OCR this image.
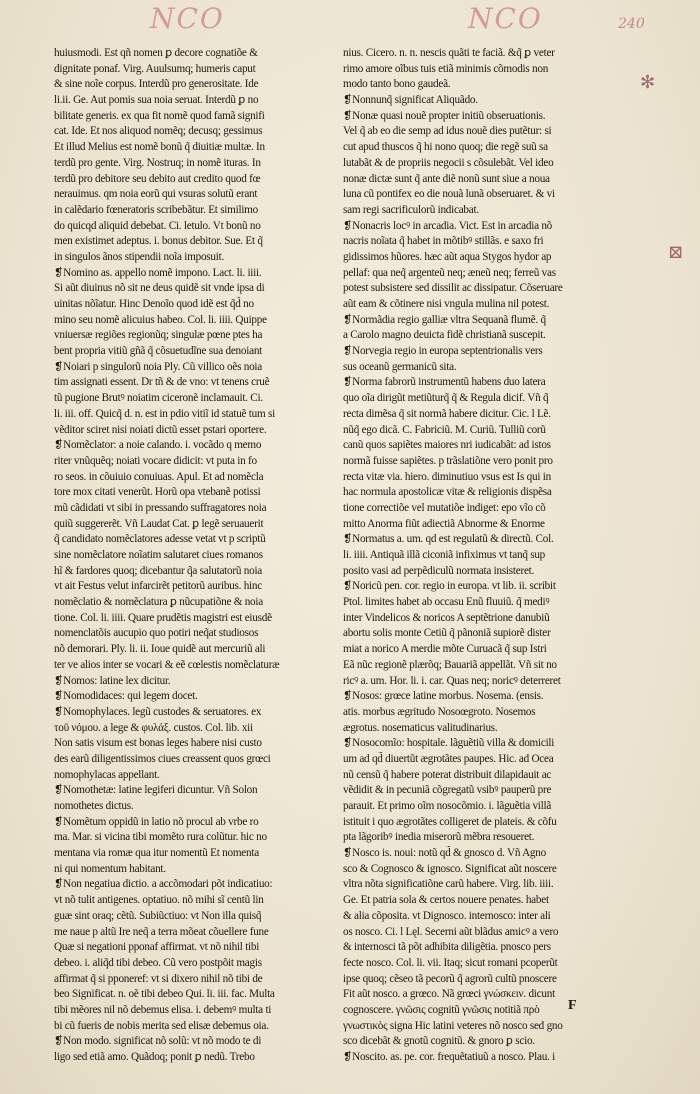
NCO	NCO	240
✻
⊠
huiusmodi. Est qñ nomen ꝑ decore cognatiõe &
dignitate ponaf. Virg. Auulsumq; humeris caput
& sine noĩe corpus. Interdũ pro generositate. Ide
li.ii. Ge. Aut pomis sua noia seruat. Interdũ ꝑ no
bilitate generis. ex qua fit nomẽ quod famã signifi
cat. Ide. Et nos aliquod nomẽq; decusq; gessimus
Et illud Melius est nomẽ bonũ q̃ diuitiæ multæ. In
terdũ pro gente. Virg. Nostruq; in nomẽ ituras. In
terdũ pro debitore seu debito aut credito quod fœ
nerauimus. qm noia eorũ qui vsuras solutũ erant
in calẽdario fœneratoris scribebãtur. Et similimo
do quicqd aliquid debebat. Ci. letulo. Vt bonũ no
men existimet adeptus. i. bonus debitor. Sue. Et q̃
in singulos ãnos stipendii noĩa imposuit.
❡Nomino as. appello nomẽ impono. Lact. li. iiii.
Si aũt diuinus nõ sit ne deus quidẽ sit vnde ipsa di
uinitas nõĩatur. Hinc Denoĩo quod idẽ est q̃d̃ no
mino seu nomẽ alicuius habeo. Col. li. iiii. Quippe
vniuersæ regiões regionũq; singulæ pœne ptes ha
bent propria vitiũ gñã q̃ cõsuetudĩne sua denoiant
❡Noiari p singulorũ noia Ply. Cũ villico oẽs noia
tim assignati essent. Dr tñ & de vno: vt tenens cruẽ
tũ pugione Brutꝰ noiatim ciceronẽ inclamauit. Ci.
li. iii. off. Quicq̃ d. n. est in pdio vitiĩ id statuẽ tum si
vẽditor sciret nisi noiati dictũ esset pstari oportere.
❡Nomẽclator: a noie calando. i. vocãdo q memo
riter vnũquẽq; noiati vocare didicit: vt puta in fo
ro seos. in cõuiuio conuiuas. Apul. Et ad nomẽcla
tore mox citati venerũt. Horũ opa vtebanẽ potissi
mũ cãdidati vt sibi in pressando suffragatores noia
quiũ suggererẽt. Vñ Laudat Cat. ꝑ legẽ seruauerit
q̃ candidato nomẽclatores adesse vetat vt p scriptũ
sine nomẽclatore noĩatim salutaret ciues romanos
hĩ & fardores quoq; dicebantur q̃a salutatorũ noia
vt ait Festus velut infarcirẽt petitorũ auribus. hinc
nomẽclatio & nomẽclatura ꝑ nũcupatiõne & noia
tione. Col. li. iiii. Quare prudẽtis magistri est eiusdẽ
nomenclatõis aucupio quo potiri neq̃at studiosos
nõ demorari. Ply. li. ii. Ioue quidẽ aut mercuriũ ali
ter ve alios inter se vocari & eẽ cœlestis nomẽclaturæ
❡Nomos: latine lex dicitur.
❡Nomodidaces: qui legem docet.
❡Nomophylaces. legũ custodes & seruatores. ex
τοῦ νόμου. a lege & φυλάξ. custos. Col. lib. xii
Non satis visum est bonas leges habere nisi custo
des earũ diligentissimos ciues creassent quos grœci
nomophylacas appellant.
❡Nomothetæ: latine legiferi dicuntur. Vñ Solon
nomothetes dictus.
❡Nomẽtum oppidũ in latio nõ procul ab vrbe ro
ma. Mar. si vicina tibi momẽto rura colũtur. hic no
mentana via romæ qua itur nomentũ Et nomenta
ni qui nomentum habitant.
❡Non negatiua dictio. a accõmodari põt indicatiuo:
vt nõ tulit antigenes. optatiuo. nõ mihi sĩ centũ lin
guæ sint oraq; cẽtũ. Subiũctiuo: vt Non illa quisq̃
me naue p altũ Ire neq̃ a terra mõeat cõuellere fune
Quæ si negationi pponaf affirmat. vt nõ nihil tibi
debeo. i. aliq̃d tibi debeo. Cũ vero postpõit magis
affirmat q̃ si pponeref: vt si dixero nihil nõ tibi de
beo Significat. n. oẽ tibi debeo Qui. li. iii. fac. Multa
tibi mẽores nil nõ debemus elisa. i. debemꝰ multa ti
bi cũ fueris de nobis merita sed elisæ debemus oia.
❡Non modo. significat nõ solũ: vt nõ modo te di
ligo sed etiã amo. Quãdoq; ponit ꝑ nedũ. Trebo
nius. Cicero. n. n. nescis quãti te faciã. &q̃ ꝑ veter
rimo amore oĩbus tuis etiã minimis cõmodis non
modo tanto bono gaudeã.
❡Nonnunq̃ significat Aliquãdo.
❡Nonæ quasi nouẽ propter initiũ obseruationis.
Vel q̃ ab eo die semp ad idus nouẽ dies putẽtur: si
cut apud thuscos q̃ hi nono quoq; die regẽ suũ sa
lutabãt & de propriis negocii s cõsulebãt. Vel ideo
nonæ dictæ sunt q̃ ante diẽ nonũ sunt siue a noua
luna cũ pontifex eo die nouã lunã obseruaret. & vi
sam regi sacrificulorũ indicabat.
❡Nonacris locꝰ in arcadia. Vict. Est in arcadia nõ
nacris noĩata q̃ habet in mõtibꝰ stillãs. e saxo fri
gidissimos hũores. hæc aũt aqua Stygos hydor ap
pellaf: qua neq̃ argenteũ neq; æneũ neq; ferreũ vas
potest subsistere sed dissilit ac dissipatur. Cõseruare
aũt eam & cõtinere nisi vngula mulina nil potest.
❡Normãdia regio galliæ vltra Sequanã flumẽ. q̃
a Carolo magno deuicta fidẽ christianã suscepit.
❡Norvegia regio in europa septentrionalis vers
sus oceanũ germanicũ sita.
❡Norma fabrorũ instrumentũ habens duo latera
quo oĩa dirigũt metiũturq̃ q̃ & Regula dicif. Vñ q̃
recta dimẽsa q̃ sit normã habere dicitur. Cic. l Lẽ.
nũq̃ ego dicã. C. Fabriciũ. M. Curiũ. Tulliũ corũ
canũ quos sapiẽtes maiores nri iudicabãt: ad istos
normã fuisse sapiẽtes. p trãslatiõne vero ponit pro
recta vitæ via. hiero. diminutiuo vsus est Is qui in
hac normula apostolicæ vitæ & religionis dispẽsa
tione correctiõe vel mutatiõe indiget: epo vĩo cõ
mitto Anorma fiũt adiectiã Abnorme & Enorme
❡Normatus a. um. qd est regulatũ & directũ. Col.
li. iiii. Antiquã illã ciconiã infiximus vt tanq̃ sup
posito vasi ad perpẽdiculũ normata insisteret.
❡Noricũ pen. cor. regio in europa. vt lib. ii. scribit
Ptol. limites habet ab occasu Enũ fluuiũ. q̃ mediꝰ
inter Vindelicos & noricos A septẽtrione danubiũ
abortu solis monte Cetiũ q̃ pãnoniã supiorẽ dister
miat a norico A merdie mõte Curuacã q̃ sup Istri
Eã nũc regionẽ plærõq; Bauariã appellãt. Vñ sit no
ricꝰ a. um. Hor. li. i. car. Quas neq; noricꝰ deterreret
❡Nosos: grœce latine morbus. Nosema. (ensis.
atis. morbus ægritudo Nosoœgroto. Nosemos
ægrotus. nosematicus valitudinarius.
❡Nosocomĩo: hospitale. lãguẽtiũ villa & domicili
um ad qd̃ diuertũt ægrotãtes paupes. Hic. ad Ocea
nũ censũ q̃ habere poterat distribuit dilapidauit ac
vẽdidit & in pecuniã cõgregatũ vsibꝰ pauperũ pre
parauit. Et primo oĩm nosocõmio. i. lãguẽtia villã
istituit i quo ægrotãtes colligeret de plateis. & cõfu
pta lãgoribꝰ inedia miserorũ mẽbra resoueret.
❡Nosco is. noui: notũ qd̃ & gnosco d. Vñ Agno
sco & Cognosco & ignosco. Significat aũt noscere
vltra nõta significatiõne carũ habere. Virg. lib. iiii.
Ge. Et patria sola & certos nouere penates. habet
& alia cõposita. vt Dignosco. internosco: inter ali
os nosco. Ci. l Lęl. Secerni aũt blãdus amicꝰ a vero
& internosci tã põt adhibita diligẽtia. pnosco pers
fecte nosco. Col. li. vii. Itaq; sicut romani pcoperũt
ipse quoq; cẽseo tã pecorũ q̃ agrorũ cultũ pnoscere
Fit aũt nosco. a grœco. Nã grœci γνώσκειν. dicunt
cognoscere. γνῶσις cognitũ γνῶσις notitiã πρὸ
γνωστικὸς signa Hic latini veteres nõ nosco sed gno
sco dicebãt & gnotũ cognitũ. & gnoro ꝑ scio.
❡Noscito. as. pe. cor. frequẽtatiuũ a nosco. Plau. i
F
